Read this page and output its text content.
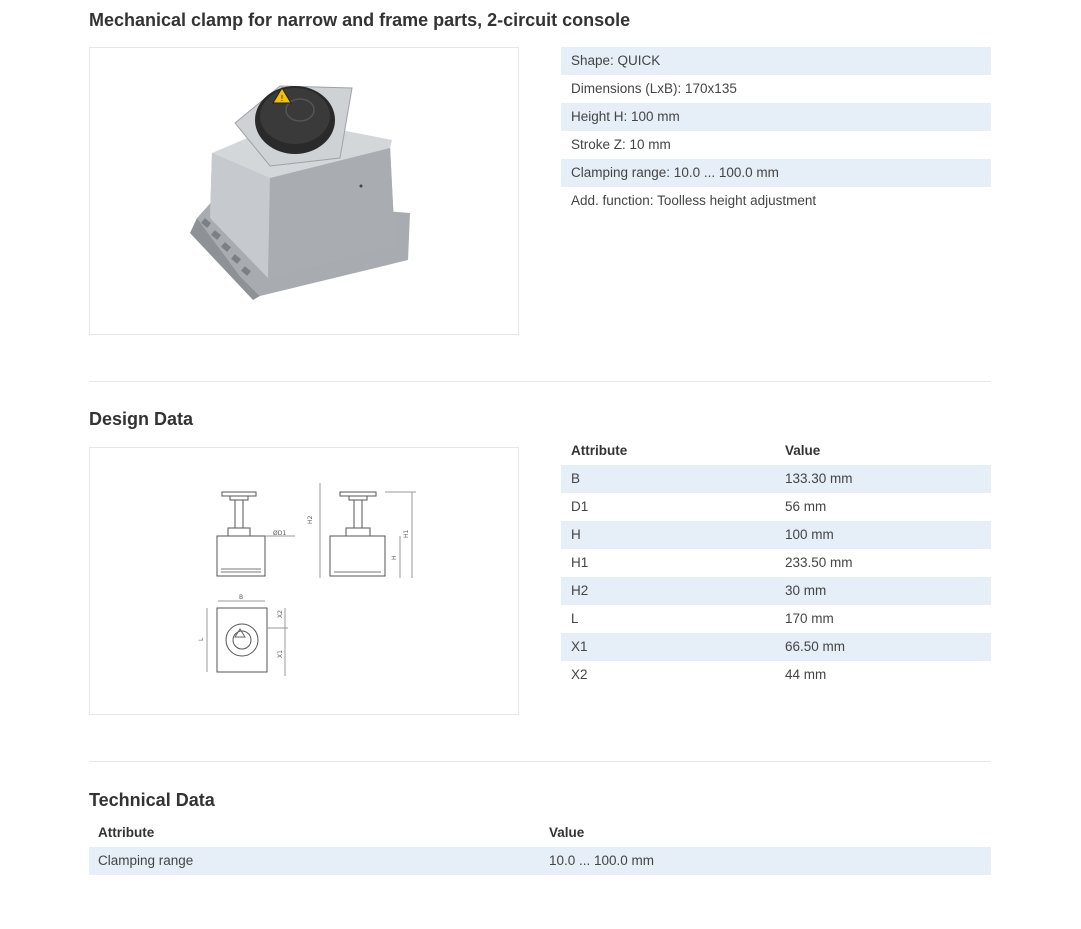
Mechanical clamp for narrow and frame parts, 2-circuit console
!
Shape: QUICK
Dimensions (LxB): 170x135
Height H: 100 mm
Stroke Z: 10 mm
Clamping range: 10.0 ... 100.0 mm
Add. function: Toolless height adjustment
Design Data
ØD1
H2
H1
H
B
L
X2
X1
Attribute	Value
B	133.30 mm
D1	56 mm
H	100 mm
H1	233.50 mm
H2	30 mm
L	170 mm
X1	66.50 mm
X2	44 mm
Technical Data
Attribute	Value
Clamping range	10.0 ... 100.0 mm
